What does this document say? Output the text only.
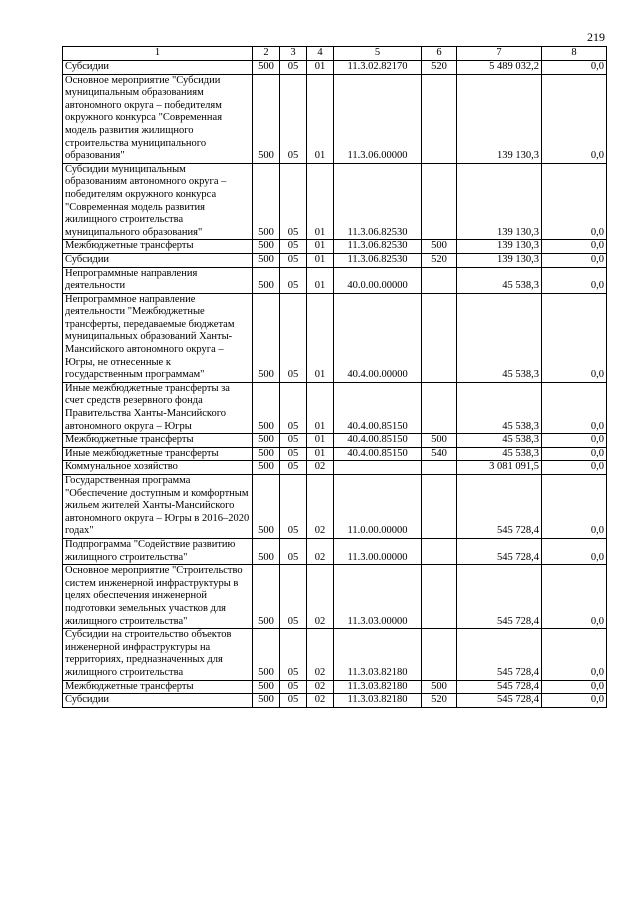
219
1	2	3	4	5	6	7	8
Субсидии	500	05	01	11.3.02.82170	520	5 489 032,2	0,0
Основное мероприятие "Субсидии муниципальным образованиям автономного округа – победителям окружного конкурса "Современная модель развития жилищного строительства муниципального образования"	500	05	01	11.3.06.00000		139 130,3	0,0
Субсидии муниципальным образованиям автономного округа – победителям окружного конкурса "Современная модель развития жилищного строительства муниципального образования"	500	05	01	11.3.06.82530		139 130,3	0,0
Межбюджетные трансферты	500	05	01	11.3.06.82530	500	139 130,3	0,0
Субсидии	500	05	01	11.3.06.82530	520	139 130,3	0,0
Непрограммные направления деятельности	500	05	01	40.0.00.00000		45 538,3	0,0
Непрограммное направление деятельности "Межбюджетные трансферты, передаваемые бюджетам муниципальных образований Ханты-Мансийского автономного округа – Югры, не отнесенные к государственным программам"	500	05	01	40.4.00.00000		45 538,3	0,0
Иные межбюджетные трансферты за счет средств резервного фонда Правительства Ханты-Мансийского автономного округа – Югры	500	05	01	40.4.00.85150		45 538,3	0,0
Межбюджетные трансферты	500	05	01	40.4.00.85150	500	45 538,3	0,0
Иные межбюджетные трансферты	500	05	01	40.4.00.85150	540	45 538,3	0,0
Коммунальное хозяйство	500	05	02			3 081 091,5	0,0
Государственная программа "Обеспечение доступным и комфортным жильем жителей Ханты-Мансийского автономного округа – Югры в 2016–2020 годах"	500	05	02	11.0.00.00000		545 728,4	0,0
Подпрограмма "Содействие развитию жилищного строительства"	500	05	02	11.3.00.00000		545 728,4	0,0
Основное мероприятие "Строительство систем инженерной инфраструктуры в целях обеспечения инженерной подготовки земельных участков для жилищного строительства"	500	05	02	11.3.03.00000		545 728,4	0,0
Субсидии на строительство объектов инженерной инфраструктуры на территориях, предназначенных для жилищного строительства	500	05	02	11.3.03.82180		545 728,4	0,0
Межбюджетные трансферты	500	05	02	11.3.03.82180	500	545 728,4	0,0
Субсидии	500	05	02	11.3.03.82180	520	545 728,4	0,0
